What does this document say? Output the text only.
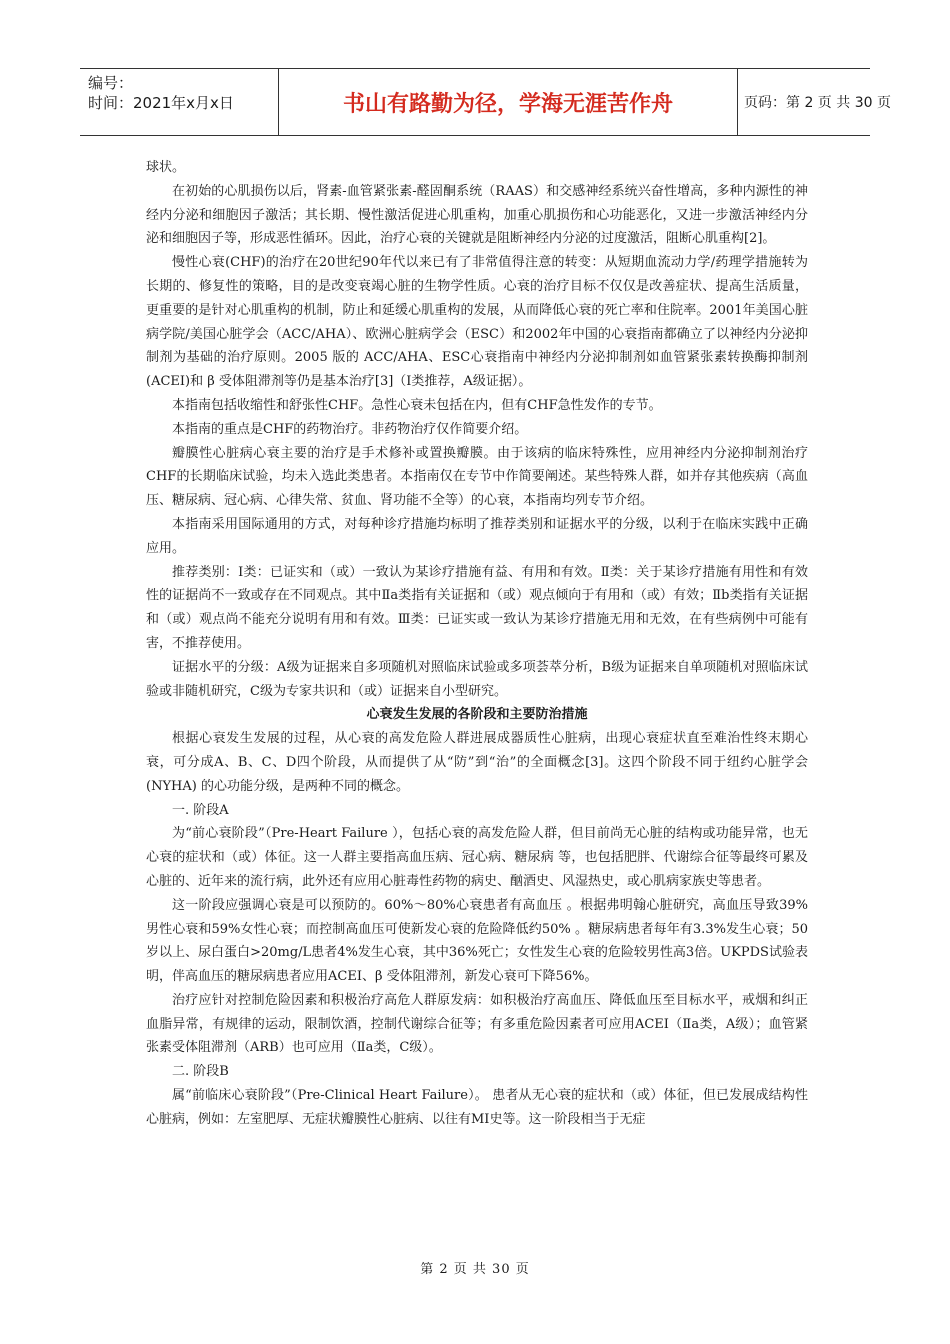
编号：
时间：2021年x月x日	书山有路勤为径，学海无涯苦作舟	页码：第 2 页 共 30 页

球状。

在初始的心肌损伤以后，肾素-血管紧张素-醛固酮系统（RAAS）和交感神经系统兴奋性增高，多种内源性的神经内分泌和细胞因子激活；其长期、慢性激活促进心肌重构，加重心肌损伤和心功能恶化，又进一步激活神经内分泌和细胞因子等，形成恶性循环。因此，治疗心衰的关键就是阻断神经内分泌的过度激活，阻断心肌重构[2]。

慢性心衰(CHF)的治疗在20世纪90年代以来已有了非常值得注意的转变：从短期血流动力学/药理学措施转为长期的、修复性的策略，目的是改变衰竭心脏的生物学性质。心衰的治疗目标不仅仅是改善症状、提高生活质量，更重要的是针对心肌重构的机制，防止和延缓心肌重构的发展，从而降低心衰的死亡率和住院率。2001年美国心脏病学院/美国心脏学会（ACC/AHA）、欧洲心脏病学会（ESC）和2002年中国的心衰指南都确立了以神经内分泌抑制剂为基础的治疗原则。2005 版的 ACC/AHA、ESC心衰指南中神经内分泌抑制剂如血管紧张素转换酶抑制剂(ACEI)和 β 受体阻滞剂等仍是基本治疗[3]（Ⅰ类推荐，A级证据）。

本指南包括收缩性和舒张性CHF。急性心衰未包括在内，但有CHF急性发作的专节。

本指南的重点是CHF的药物治疗。非药物治疗仅作简要介绍。

瓣膜性心脏病心衰主要的治疗是手术修补或置换瓣膜。由于该病的临床特殊性，应用神经内分泌抑制剂治疗CHF的长期临床试验，均未入选此类患者。本指南仅在专节中作简要阐述。某些特殊人群，如并存其他疾病（高血压、糖尿病、冠心病、心律失常、贫血、肾功能不全等）的心衰，本指南均列专节介绍。

本指南采用国际通用的方式，对每种诊疗措施均标明了推荐类别和证据水平的分级，以利于在临床实践中正确应用。

推荐类别：Ⅰ类：已证实和（或）一致认为某诊疗措施有益、有用和有效。Ⅱ类：关于某诊疗措施有用性和有效性的证据尚不一致或存在不同观点。其中Ⅱa类指有关证据和（或）观点倾向于有用和（或）有效；Ⅱb类指有关证据和（或）观点尚不能充分说明有用和有效。Ⅲ类：已证实或一致认为某诊疗措施无用和无效，在有些病例中可能有害，不推荐使用。

证据水平的分级：A级为证据来自多项随机对照临床试验或多项荟萃分析，B级为证据来自单项随机对照临床试验或非随机研究，C级为专家共识和（或）证据来自小型研究。

心衰发生发展的各阶段和主要防治措施

根据心衰发生发展的过程，从心衰的高发危险人群进展成器质性心脏病，出现心衰症状直至难治性终末期心衰，可分成A、B、C、D四个阶段，从而提供了从“防”到“治”的全面概念[3]。这四个阶段不同于纽约心脏学会(NYHA) 的心功能分级，是两种不同的概念。

一. 阶段A

为“前心衰阶段”（Pre-Heart Failure ），包括心衰的高发危险人群，但目前尚无心脏的结构或功能异常，也无心衰的症状和（或）体征。这一人群主要指高血压病、冠心病、糖尿病 等，也包括肥胖、代谢综合征等最终可累及心脏的、近年来的流行病，此外还有应用心脏毒性药物的病史、酗酒史、风湿热史，或心肌病家族史等患者。

这一阶段应强调心衰是可以预防的。60%～80%心衰患者有高血压 。根据弗明翰心脏研究，高血压导致39%男性心衰和59%女性心衰；而控制高血压可使新发心衰的危险降低约50% 。糖尿病患者每年有3.3%发生心衰；50岁以上、尿白蛋白>20mg/L患者4%发生心衰，其中36%死亡；女性发生心衰的危险较男性高3倍。UKPDS试验表明，伴高血压的糖尿病患者应用ACEI、β 受体阻滞剂，新发心衰可下降56%。

治疗应针对控制危险因素和积极治疗高危人群原发病：如积极治疗高血压、降低血压至目标水平，戒烟和纠正血脂异常，有规律的运动，限制饮酒，控制代谢综合征等；有多重危险因素者可应用ACEI（Ⅱa类，A级）；血管紧张素受体阻滞剂（ARB）也可应用（Ⅱa类，C级）。

二. 阶段B

属“前临床心衰阶段”（Pre-Clinical Heart Failure）。 患者从无心衰的症状和（或）体征，但已发展成结构性心脏病，例如：左室肥厚、无症状瓣膜性心脏病、以往有MI史等。这一阶段相当于无症

第 2 页 共 30 页
